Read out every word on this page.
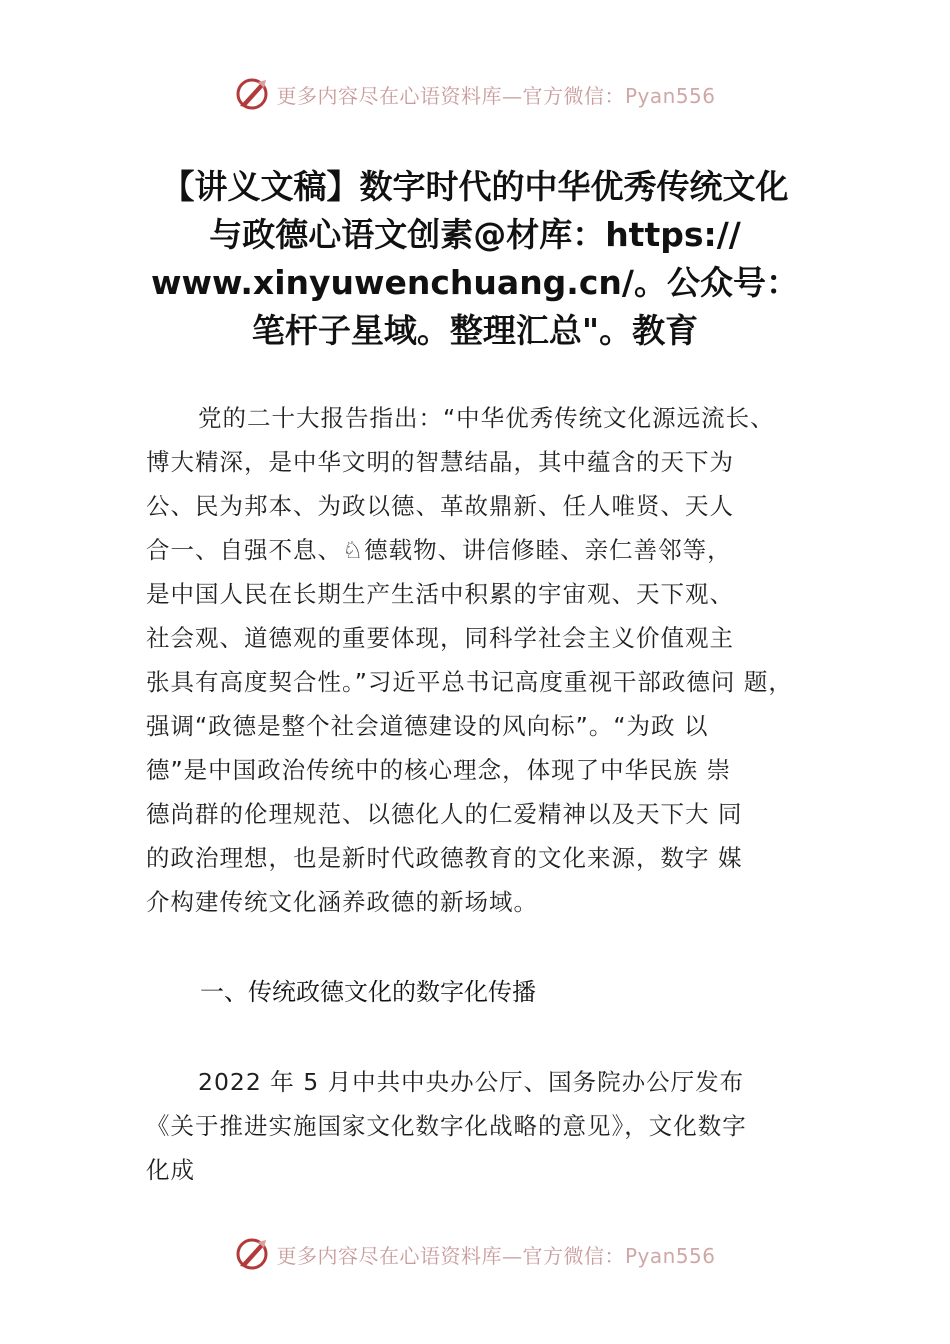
更多内容尽在心语资料库—官方微信：Pyan556
【讲义文稿】数字时代的中华优秀传统文化
与政德心语文创素@材库：https://
www.xinyuwenchuang.cn/。公众号：
笔杆子星域。整理汇总"。教育
党的二十大报告指出：“中华优秀传统文化源远流长、
博大精深，是中华文明的智慧结晶，其中蕴含的天下为
公、民为邦本、为政以德、革故鼎新、任人唯贤、天人
合一、自强不息、♘德载物、讲信修睦、亲仁善邻等，
是中国人民在长期生产生活中积累的宇宙观、天下观、
社会观、道德观的重要体现，同科学社会主义价值观主
张具有高度契合性。”习近平总书记高度重视干部政德问 题，
强调“政德是整个社会道德建设的风向标”。“为政 以
德”是中国政治传统中的核心理念，体现了中华民族 崇
德尚群的伦理规范、以德化人的仁爱精神以及天下大 同
的政治理想，也是新时代政德教育的文化来源，数字 媒
介构建传统文化涵养政德的新场域。
一、传统政德文化的数字化传播
2022 年 5 月中共中央办公厅、国务院办公厅发布
《关于推进实施国家文化数字化战略的意见》，文化数字
化成
更多内容尽在心语资料库—官方微信：Pyan556
